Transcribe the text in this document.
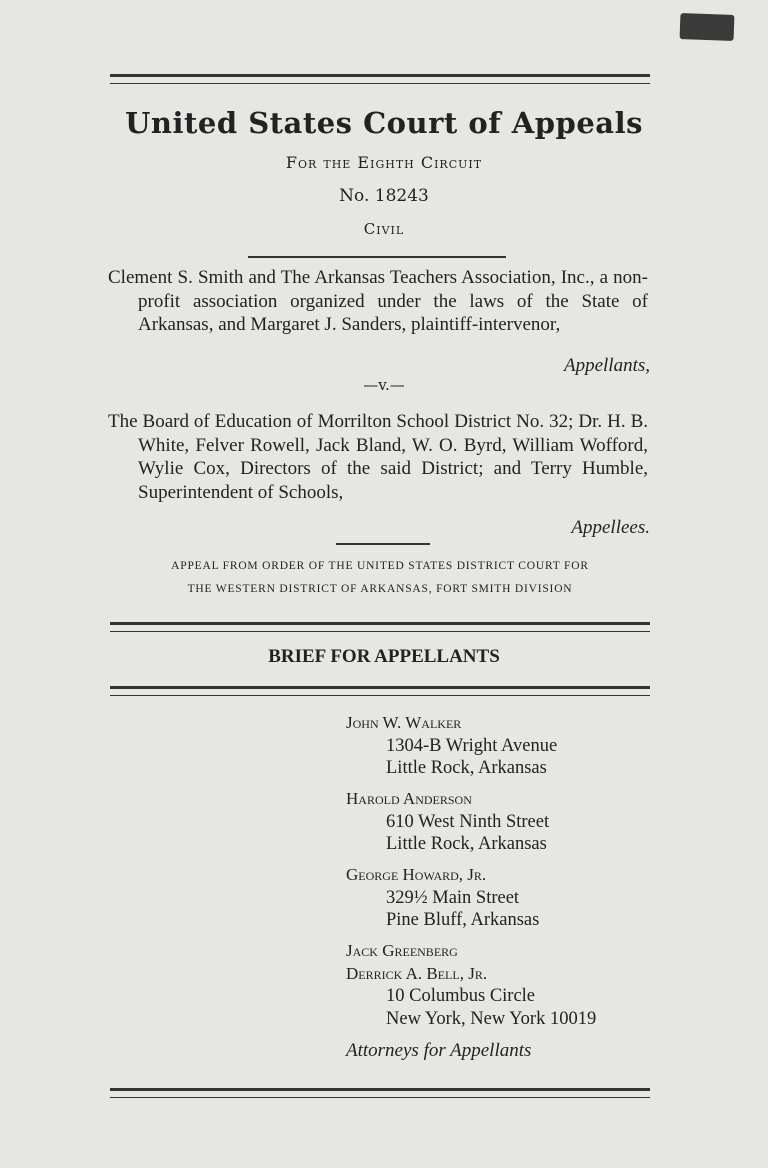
United States Court of Appeals
For the Eighth Circuit
No. 18243
Civil
Clement S. Smith and The Arkansas Teachers Association, Inc., a non-profit association organized under the laws of the State of Arkansas, and Margaret J. Sanders, plaintiff-intervenor,
Appellants,
—v.—
The Board of Education of Morrilton School District No. 32; Dr. H. B. White, Felver Rowell, Jack Bland, W. O. Byrd, William Wofford, Wylie Cox, Directors of the said District; and Terry Humble, Superintendent of Schools,
Appellees.
APPEAL FROM ORDER OF THE UNITED STATES DISTRICT COURT FOR
THE WESTERN DISTRICT OF ARKANSAS, FORT SMITH DIVISION
BRIEF FOR APPELLANTS
John W. Walker
1304-B Wright Avenue
Little Rock, Arkansas
Harold Anderson
610 West Ninth Street
Little Rock, Arkansas
George Howard, Jr.
329½ Main Street
Pine Bluff, Arkansas
Jack Greenberg
Derrick A. Bell, Jr.
10 Columbus Circle
New York, New York 10019
Attorneys for Appellants
